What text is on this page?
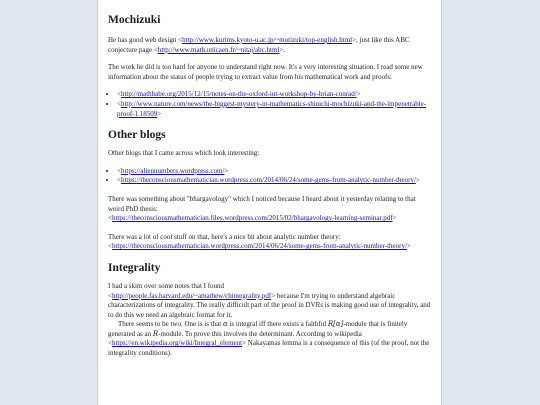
Mochizuki

He has good web design <http://www.kurims.kyoto-u.ac.jp/~motizuki/top-english.html>, just like this ABC conjecture page <http://www.math.unicaen.fr/~nitaj/abc.html>.

The work he did is too hard for anyone to understand right now. It's a very interesting situation. I read some new information about the status of people trying to extract value from his mathematical work and proofs:

• <http://mathbabe.org/2015/12/15/notes-on-the-oxford-iut-workshop-by-brian-conrad/>
• <http://www.nature.com/news/the-biggest-mystery-in-mathematics-shinichi-mochizuki-and-the-impenetrable-proof-1.18509>
Other blogs

Other blogs that I came across which look interesting:

• <https://aliennumbers.wordpress.com/>
• <https://theconsciousmathematician.wordpress.com/2014/06/24/some-gems-from-analytic-number-theory/>

There was something about "bhargavology" which I noticed because I heard about it yesterday relating to that weird PhD thesis:
<https://theconsciousmathematician.files.wordpress.com/2015/02/bhargavology-learning-seminar.pdf>

There was a lot of cool stuff on that, here's a nice bit about analytic number theory:
<https://theconsciousmathematician.wordpress.com/2014/06/24/some-gems-from-analytic-number-theory/>

Integrality

I had a skim over some notes that I found
<http://people.fas.harvard.edu/~amathew/chintegrality.pdf> because I'm trying to understand algebraic characterizations of integrality. The really difficult part of the proof in DVRs is making good use of integrality, and to do this we need an algebraic format for it.

There seems to be two. One is is that α is integral iff there exists a faithful R[α]-module that is finitely generated as an R-module. To prove this involves the determinant. According to wikipedia <https://en.wikipedia.org/wiki/Integral_element> Nakayamas lemma is a consequence of this (of the proof, not the integrality conditions).
